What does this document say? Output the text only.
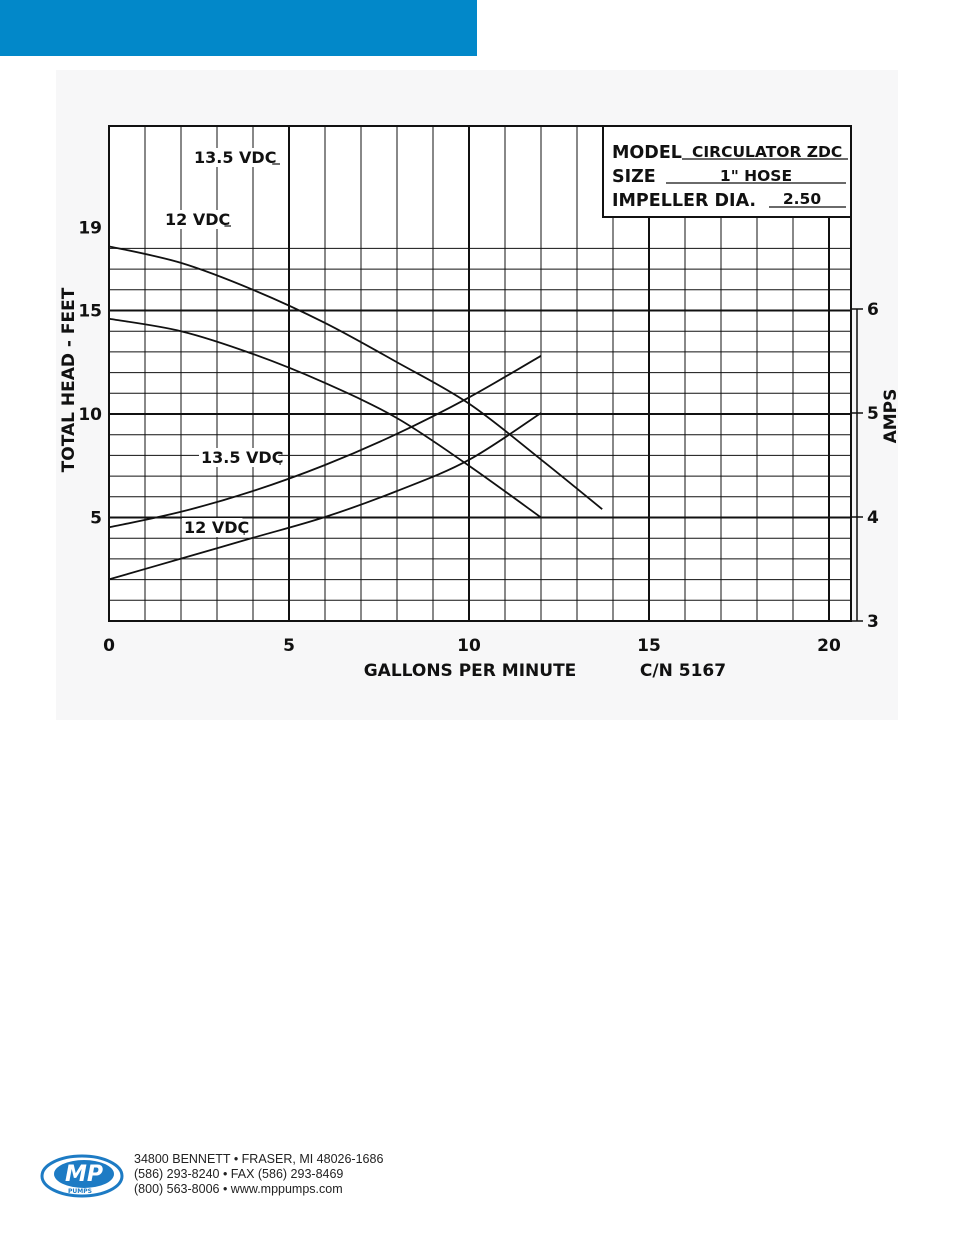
0	5	10	15	20
5
10
15
19
3
4
5
6
13.5 VDC
12 VDC
13.5 VDC
12 VDC
MODEL CIRCULATOR ZDC
SIZE	1" HOSE
IMPELLER DIA. 2.50
TOTAL HEAD - FEET	AMPS
GALLONS PER MINUTE	C/N 5167
MP
PUMPS
34800 BENNETT • FRASER, MI 48026-1686
(586) 293-8240 • FAX (586) 293-8469
(800) 563-8006 • www.mppumps.com
